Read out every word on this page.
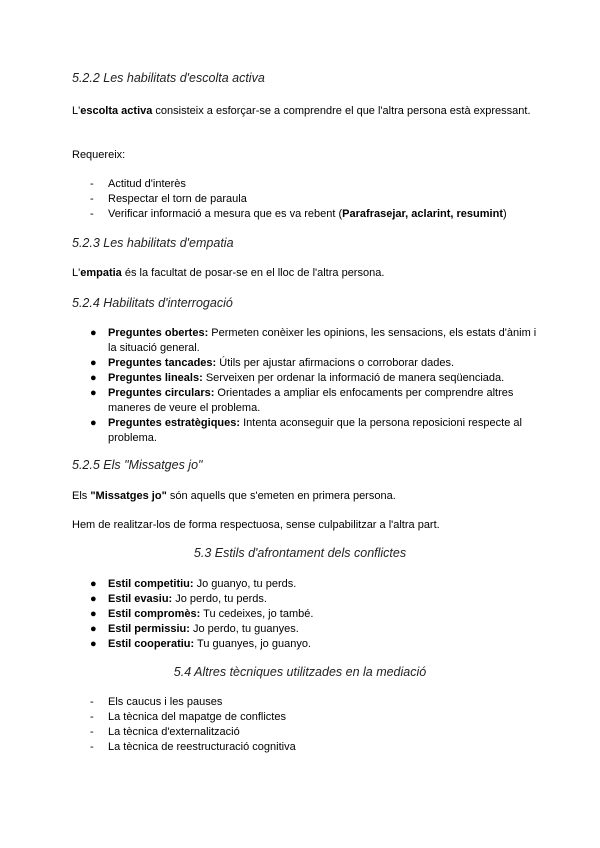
5.2.2 Les habilitats d'escolta activa

L'escolta activa consisteix a esforçar-se a comprendre el que l'altra persona està expressant.

Requereix:

- Actitud d'interès
- Respectar el torn de paraula
- Verificar informació a mesura que es va rebent (Parafrasejar, aclarint, resumint)
5.2.3 Les habilitats d'empatia

L'empatia és la facultat de posar-se en el lloc de l'altra persona.

5.2.4 Habilitats d'interrogació
● Preguntes obertes: Permeten conèixer les opinions, les sensacions, els estats d'ànim i la situació general.
● Preguntes tancades: Útils per ajustar afirmacions o corroborar dades.
● Preguntes lineals: Serveixen per ordenar la informació de manera seqüenciada.
● Preguntes circulars: Orientades a ampliar els enfocaments per comprendre altres maneres de veure el problema.
● Preguntes estratègiques: Intenta aconseguir que la persona reposicioni respecte al problema.
5.2.5 Els "Missatges jo"

Els "Missatges jo" són aquells que s'emeten en primera persona.

Hem de realitzar-los de forma respectuosa, sense culpabilitzar a l'altra part.

5.3 Estils d'afrontament dels conflictes
● Estil competitiu: Jo guanyo, tu perds.
● Estil evasiu: Jo perdo, tu perds.
● Estil compromès: Tu cedeixes, jo també.
● Estil permissiu: Jo perdo, tu guanyes.
● Estil cooperatiu: Tu guanyes, jo guanyo.
5.4 Altres tècniques utilitzades en la mediació
- Els caucus i les pauses
- La tècnica del mapatge de conflictes
- La tècnica d'externalització
- La tècnica de reestructuració cognitiva
